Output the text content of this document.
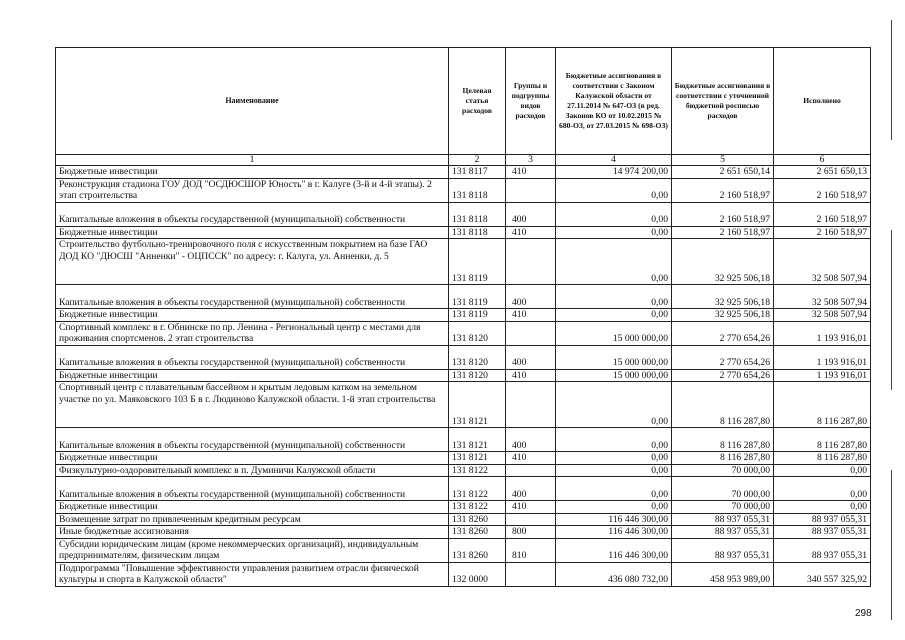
Наименование	Целевая статья расходов	Группы и подгруппы видов расходов	Бюджетные ассигнования в соответствии с Законом Калужской области от 27.11.2014 № 647-ОЗ (в ред. Законов КО от 10.02.2015 № 680-ОЗ, от 27.03.2015 № 698-ОЗ)	Бюджетные ассигнования в соответствии с уточненной бюджетной росписью расходов	Исполнено
1	2	3	4	5	6
Бюджетные инвестиции	131 8117	410	14 974 200,00	2 651 650,14	2 651 650,13
Реконструкция стадиона ГОУ ДОД "ОСДЮСШОР Юность" в г. Калуге (3-й и 4-й этапы). 2 этап строительства	131 8118		0,00	2 160 518,97	2 160 518,97
Капитальные вложения в объекты государственной (муниципальной) собственности	131 8118	400	0,00	2 160 518,97	2 160 518,97
Бюджетные инвестиции	131 8118	410	0,00	2 160 518,97	2 160 518,97
Строительство футбольно-тренировочного поля с искусственным покрытием на базе ГАО ДОД КО "ДЮСШ "Анненки" - ОЦПССК" по адресу: г. Калуга, ул. Анненки, д. 5	131 8119		0,00	32 925 506,18	32 508 507,94
Капитальные вложения в объекты государственной (муниципальной) собственности	131 8119	400	0,00	32 925 506,18	32 508 507,94
Бюджетные инвестиции	131 8119	410	0,00	32 925 506,18	32 508 507,94
Спортивный комплекс в г. Обнинске по пр. Ленина - Региональный центр с местами для проживания спортсменов. 2 этап строительства	131 8120		15 000 000,00	2 770 654,26	1 193 916,01
Капитальные вложения в объекты государственной (муниципальной) собственности	131 8120	400	15 000 000,00	2 770 654,26	1 193 916,01
Бюджетные инвестиции	131 8120	410	15 000 000,00	2 770 654,26	1 193 916,01
Спортивный центр с плавательным бассейном и крытым ледовым катком на земельном участке по ул. Маяковского 103 Б в г. Людиново Калужской области. 1-й этап строительства	131 8121		0,00	8 116 287,80	8 116 287,80
Капитальные вложения в объекты государственной (муниципальной) собственности	131 8121	400	0,00	8 116 287,80	8 116 287,80
Бюджетные инвестиции	131 8121	410	0,00	8 116 287,80	8 116 287,80
Физкультурно-оздоровительный комплекс в п. Думиничи Калужской области	131 8122		0,00	70 000,00	0,00
Капитальные вложения в объекты государственной (муниципальной) собственности	131 8122	400	0,00	70 000,00	0,00
Бюджетные инвестиции	131 8122	410	0,00	70 000,00	0,00
Возмещение затрат по привлеченным кредитным ресурсам	131 8260		116 446 300,00	88 937 055,31	88 937 055,31
Иные бюджетные ассигнования	131 8260	800	116 446 300,00	88 937 055,31	88 937 055,31
Субсидии юридическим лицам (кроме некоммерческих организаций), индивидуальным предпринимателям, физическим лицам	131 8260	810	116 446 300,00	88 937 055,31	88 937 055,31
Подпрограмма "Повышение эффективности управления развитием отрасли физической культуры и спорта в Калужской области"	132 0000		436 080 732,00	458 953 989,00	340 557 325,92
298
